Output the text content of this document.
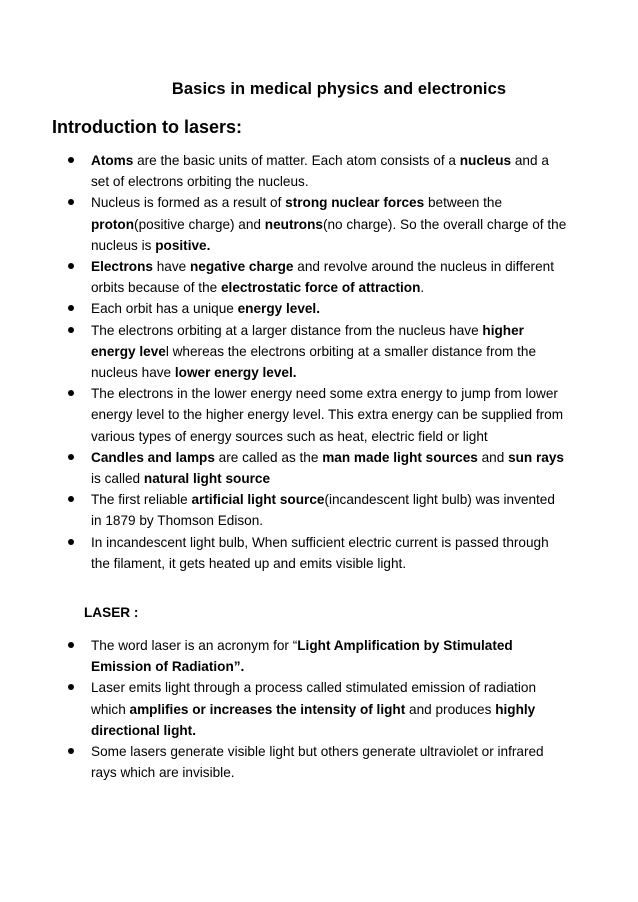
Basics in medical physics and electronics
Introduction to lasers:
Atoms are the basic units of matter. Each atom consists of a nucleus and a set of electrons orbiting the nucleus.
Nucleus is formed as a result of strong nuclear forces between the proton(positive charge) and neutrons(no charge). So the overall charge of the nucleus is positive.
Electrons have negative charge and revolve around the nucleus in different orbits because of the electrostatic force of attraction.
Each orbit has a unique energy level.
The electrons orbiting at a larger distance from the nucleus have higher energy level whereas the electrons orbiting at a smaller distance from the nucleus have lower energy level.
The electrons in the lower energy need some extra energy to jump from lower energy level to the higher energy level. This extra energy can be supplied from various types of energy sources such as heat, electric field or light
Candles and lamps are called as the man made light sources and sun rays is called natural light source
The first reliable artificial light source(incandescent light bulb) was invented in 1879 by Thomson Edison.
In incandescent light bulb, When sufficient electric current is passed through the filament, it gets heated up and emits visible light.
LASER :
The word laser is an acronym for “Light Amplification by Stimulated Emission of Radiation”.
Laser emits light through a process called stimulated emission of radiation which amplifies or increases the intensity of light and produces highly directional light.
Some lasers generate visible light but others generate ultraviolet or infrared rays which are invisible.
